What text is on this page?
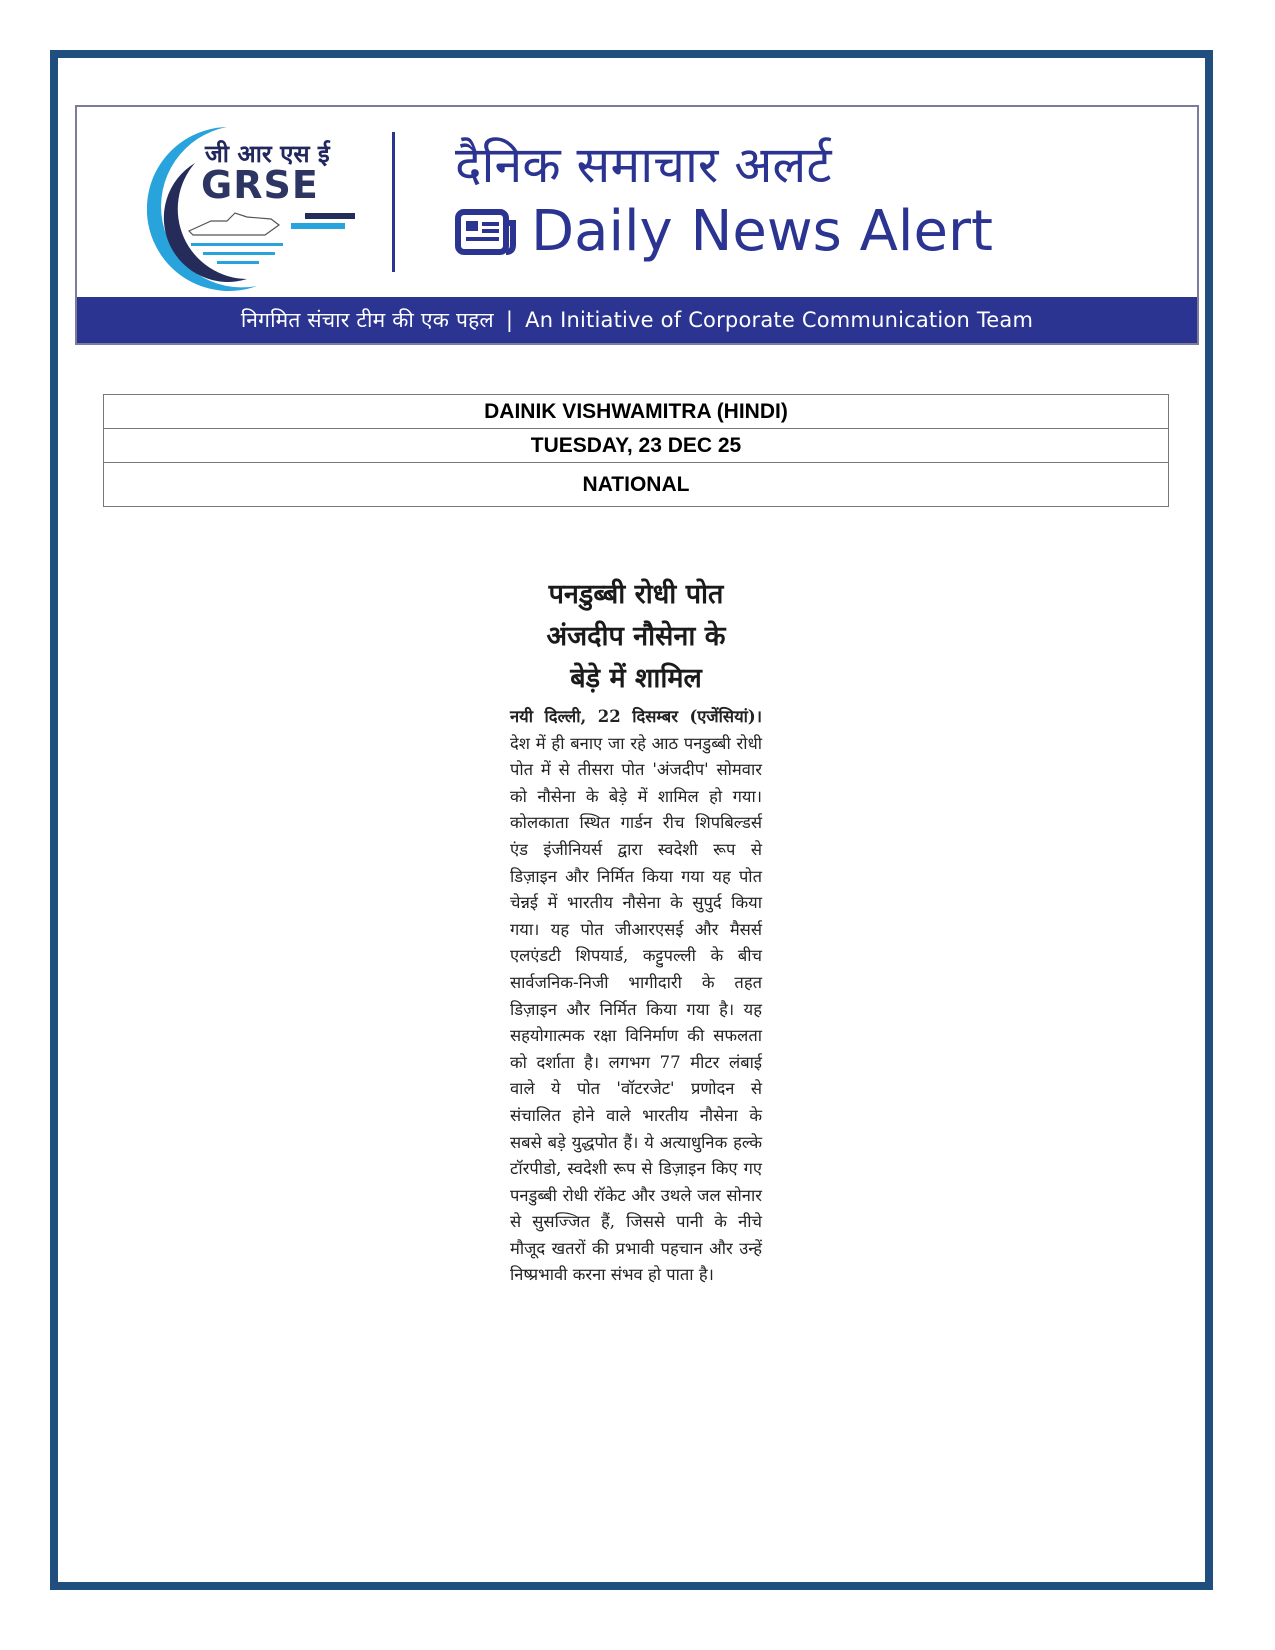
जी आर एस ई
GRSE	दैनिक समाचार अलर्ट
Daily News Alert
निगमित संचार टीम की एक पहल | An Initiative of Corporate Communication Team
DAINIK VISHWAMITRA (HINDI)
TUESDAY, 23 DEC 25
NATIONAL
पनडुब्बी रोधी पोत
अंजदीप नौसेना के
बेड़े में शामिल

नयी दिल्ली, 22 दिसम्बर (एजेंसियां)। देश में ही बनाए जा रहे आठ पनडुब्बी रोधी पोत में से तीसरा पोत 'अंजदीप' सोमवार को नौसेना के बेड़े में शामिल हो गया। कोलकाता स्थित गार्डन रीच शिपबिल्डर्स एंड इंजीनियर्स द्वारा स्वदेशी रूप से डिज़ाइन और निर्मित किया गया यह पोत चेन्नई में भारतीय नौसेना के सुपुर्द किया गया। यह पोत जीआरएसई और मैसर्स एलएंडटी शिपयार्ड, कट्टुपल्ली के बीच सार्वजनिक-निजी भागीदारी के तहत डिज़ाइन और निर्मित किया गया है। यह सहयोगात्मक रक्षा विनिर्माण की सफलता को दर्शाता है। लगभग 77 मीटर लंबाई वाले ये पोत 'वॉटरजेट' प्रणोदन से संचालित होने वाले भारतीय नौसेना के सबसे बड़े युद्धपोत हैं। ये अत्याधुनिक हल्के टॉरपीडो, स्वदेशी रूप से डिज़ाइन किए गए पनडुब्बी रोधी रॉकेट और उथले जल सोनार से सुसज्जित हैं, जिससे पानी के नीचे मौजूद खतरों की प्रभावी पहचान और उन्हें निष्प्रभावी करना संभव हो पाता है।
